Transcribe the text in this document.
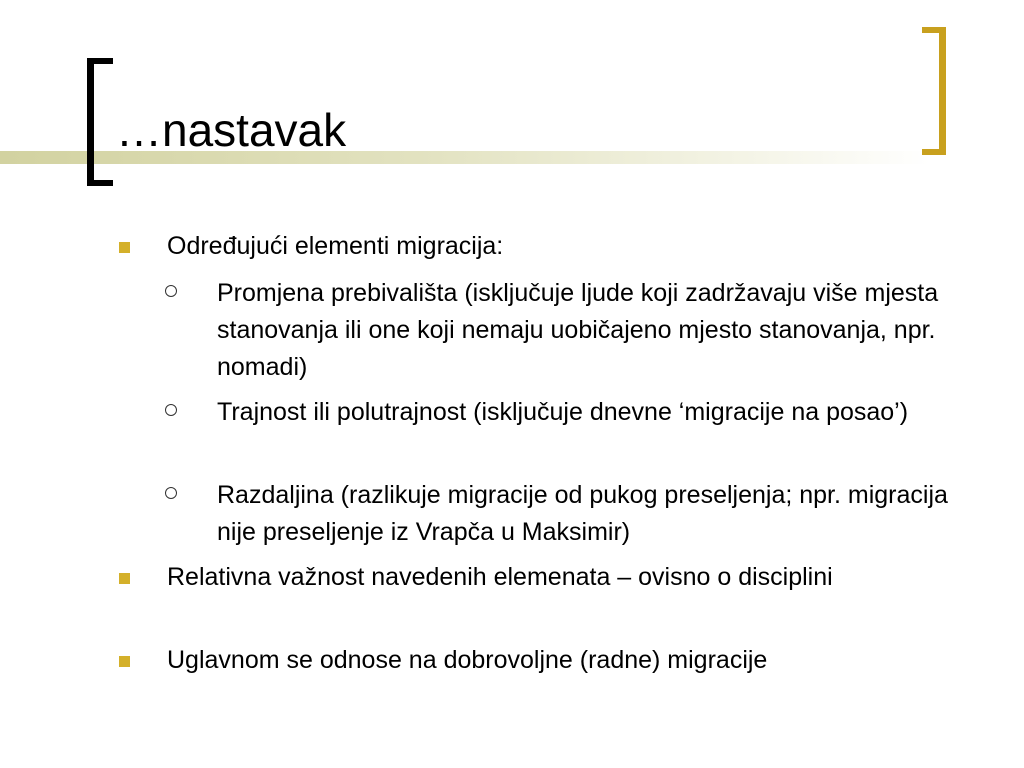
…nastavak
Određujući elementi migracija:
Promjena prebivališta (isključuje ljude koji zadržavaju više mjesta stanovanja ili one koji nemaju uobičajeno mjesto stanovanja, npr. nomadi)
Trajnost ili polutrajnost (isključuje dnevne ‘migracije na posao’)
Razdaljina (razlikuje migracije od pukog preseljenja; npr. migracija nije preseljenje iz Vrapča u Maksimir)
Relativna važnost navedenih elemenata – ovisno o disciplini
Uglavnom se odnose na dobrovoljne (radne) migracije
